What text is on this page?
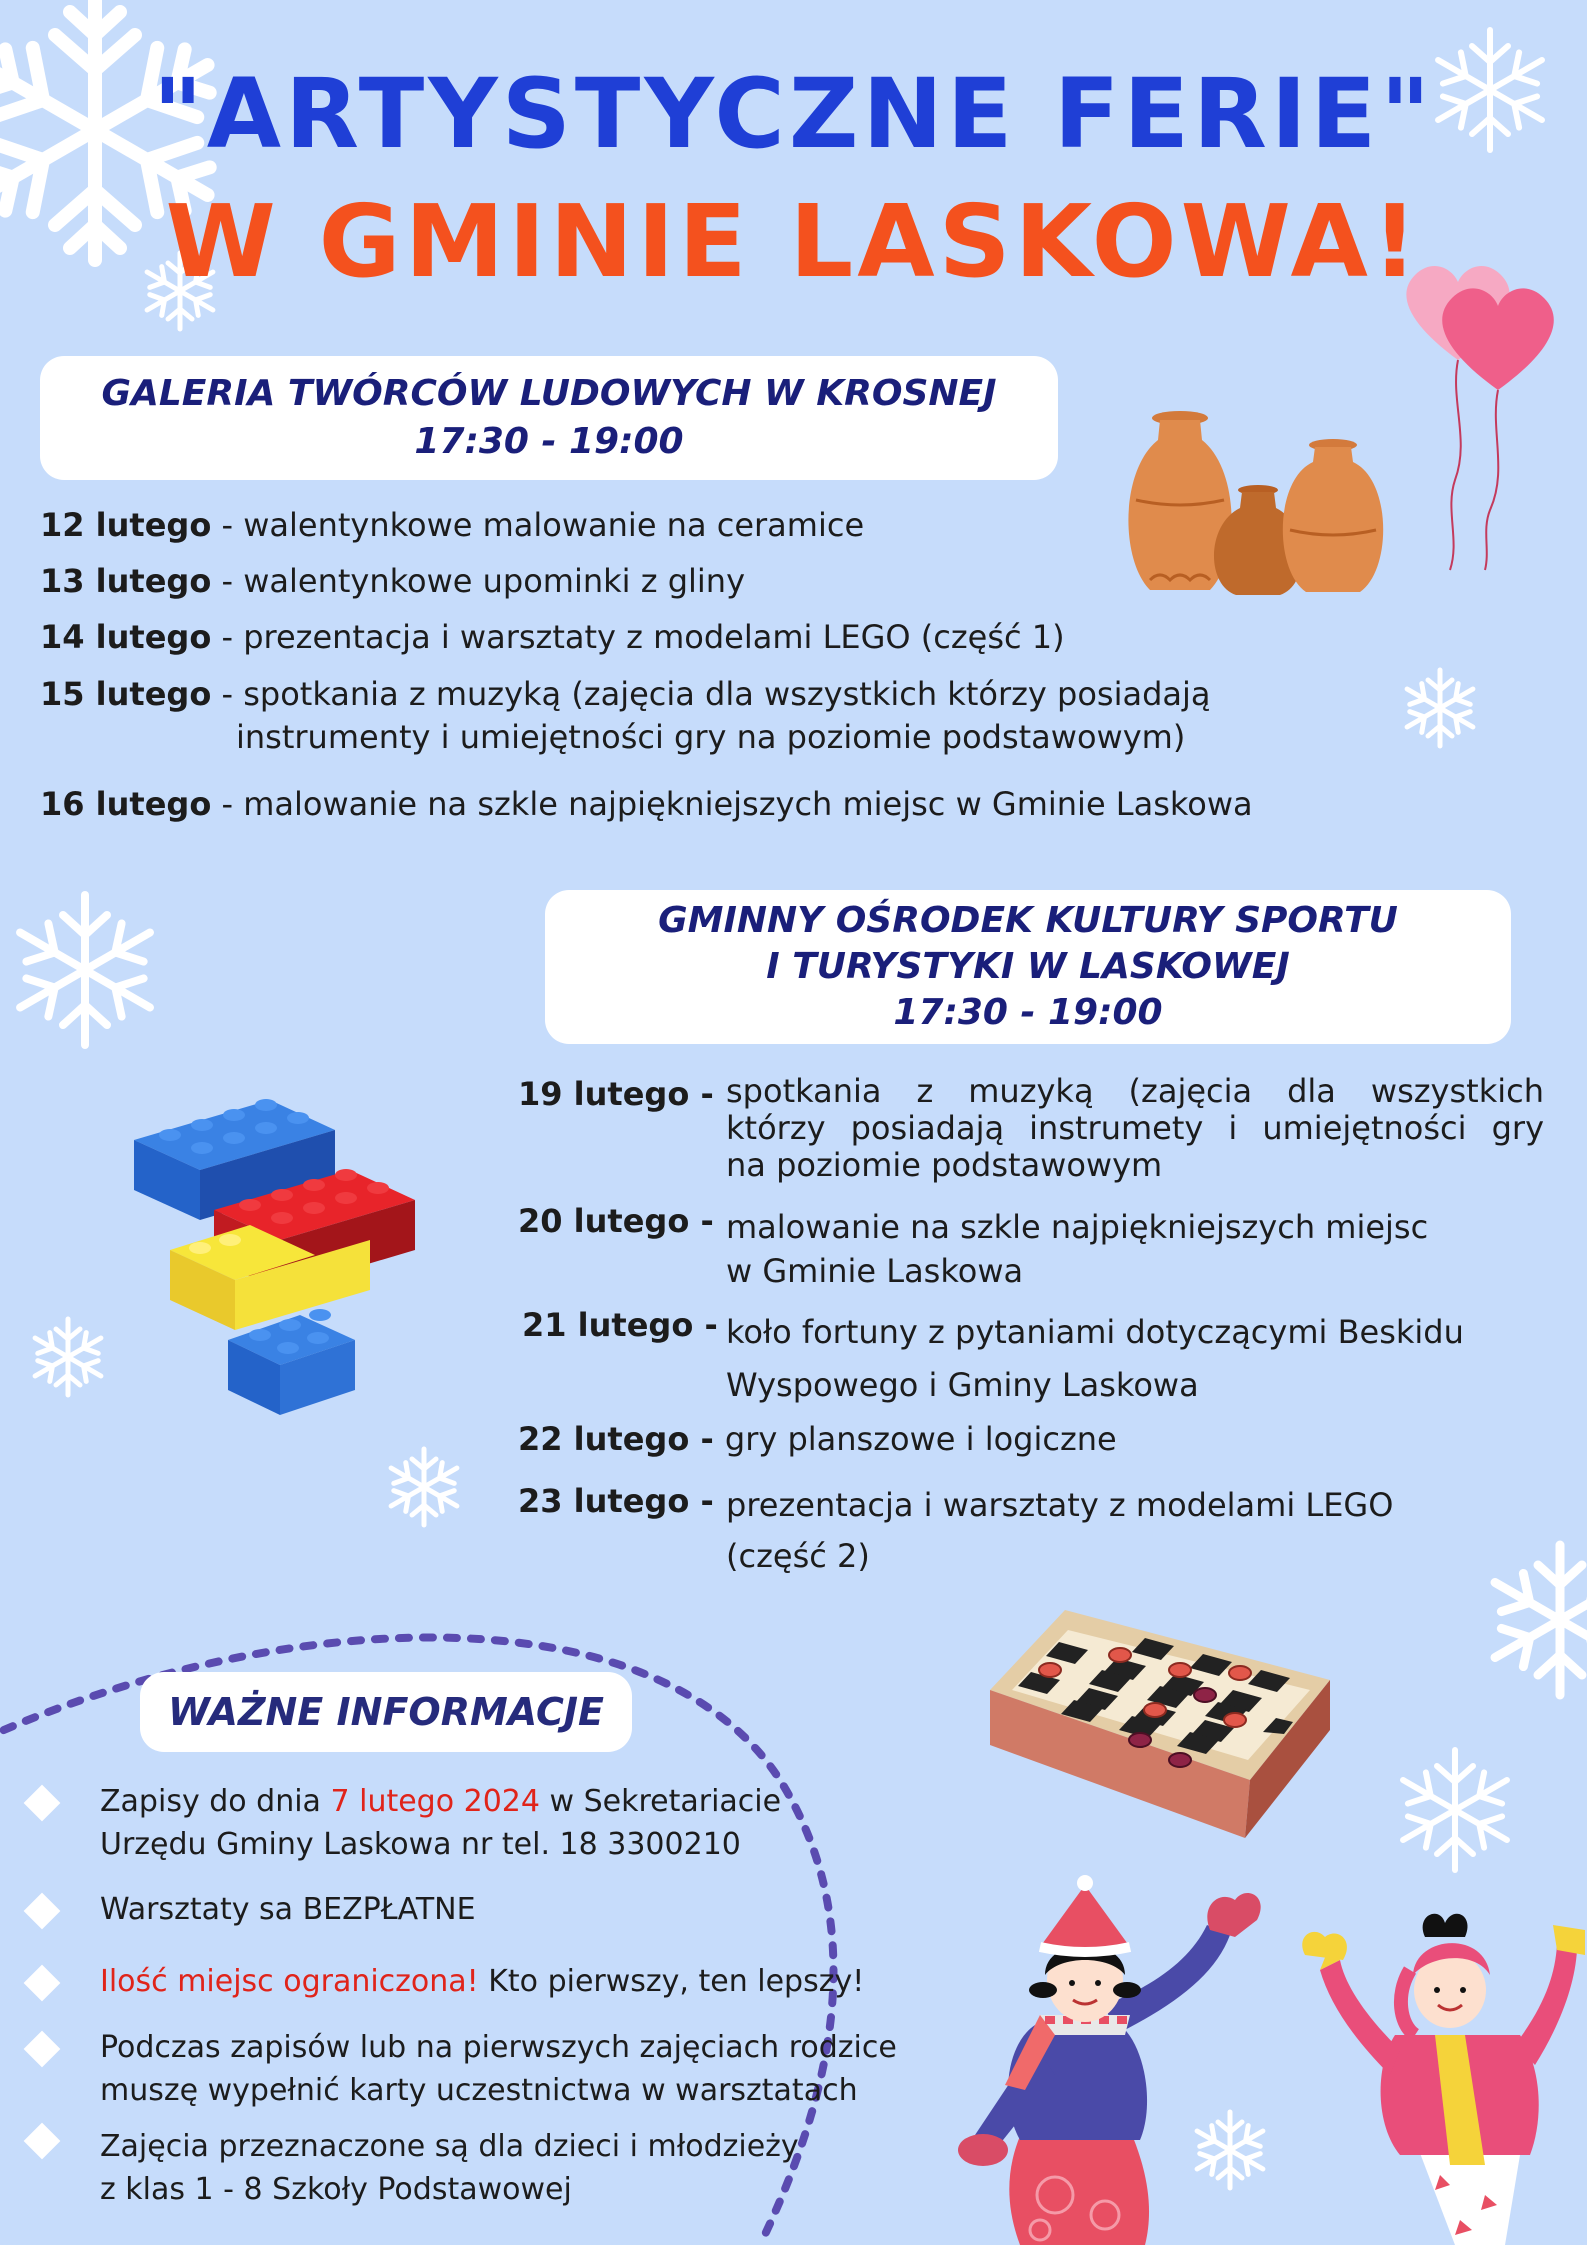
"ARTYSTYCZNE FERIE"
W GMINIE LASKOWA!
GALERIA TWÓRCÓW LUDOWYCH W KROSNEJ
17:30 - 19:00
12 lutego - walentynkowe malowanie na ceramice
13 lutego - walentynkowe upominki z gliny
14 lutego - prezentacja i warsztaty z modelami LEGO (część 1)
15 lutego - spotkania z muzyką (zajęcia dla wszystkich którzy posiadają
instrumenty i umiejętności gry na poziomie podstawowym)
16 lutego - malowanie na szkle najpiękniejszych miejsc w Gminie Laskowa
GMINNY OŚRODEK KULTURY SPORTU
I TURYSTYKI W LASKOWEJ
17:30 - 19:00
19 lutego - spotkania z muzyką (zajęcia dla wszystkich
którzy posiadają instrumety i umiejętności gry
na poziomie podstawowym
20 lutego - malowanie na szkle najpiękniejszych miejsc
w Gminie Laskowa
21 lutego - koło fortuny z pytaniami dotyczącymi Beskidu
Wyspowego i Gminy Laskowa
22 lutego - gry planszowe i logiczne
23 lutego - prezentacja i warsztaty z modelami LEGO
(część 2)
WAŻNE INFORMACJE
Zapisy do dnia 7 lutego 2024 w Sekretariacie
Urzędu Gminy Laskowa nr tel. 18 3300210
Warsztaty sa BEZPŁATNE
Ilość miejsc ograniczona! Kto pierwszy, ten lepszy!
Podczas zapisów lub na pierwszych zajęciach rodzice
muszę wypełnić karty uczestnictwa w warsztatach
Zajęcia przeznaczone są dla dzieci i młodzieży
z klas 1 - 8 Szkoły Podstawowej
